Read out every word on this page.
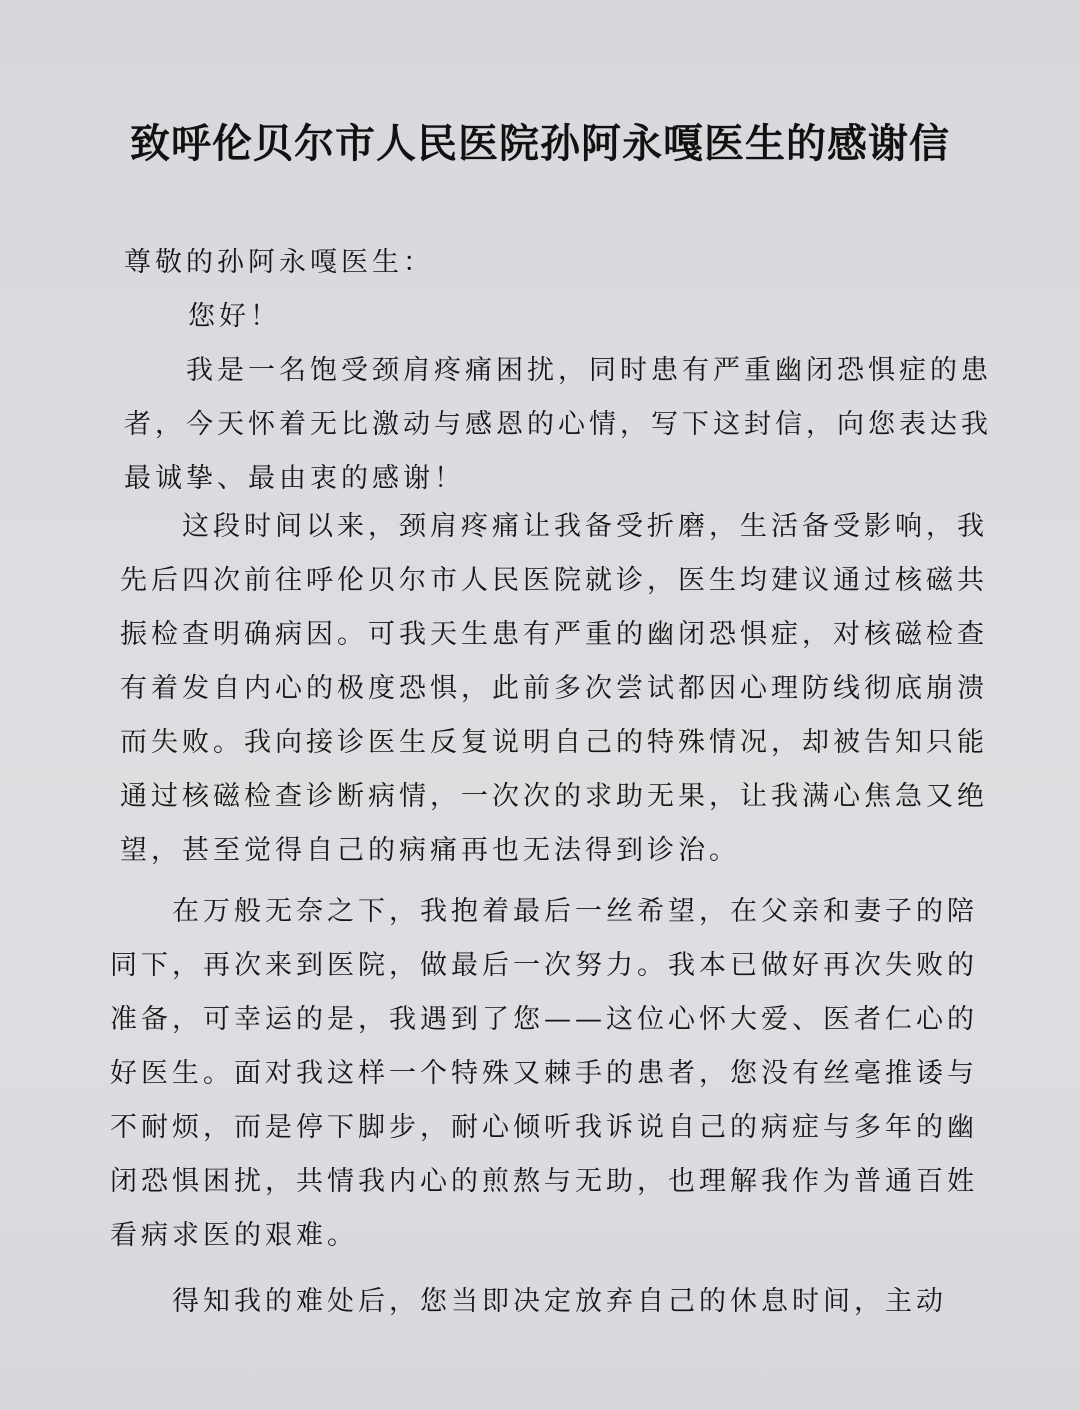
致呼伦贝尔市人民医院孙阿永嘎医生的感谢信
尊敬的孙阿永嘎医生：
您好！
　　我是一名饱受颈肩疼痛困扰，同时患有严重幽闭恐惧症的患
者，今天怀着无比激动与感恩的心情，写下这封信，向您表达我
最诚挚、最由衷的感谢！
　　这段时间以来，颈肩疼痛让我备受折磨，生活备受影响，我
先后四次前往呼伦贝尔市人民医院就诊，医生均建议通过核磁共
振检查明确病因。可我天生患有严重的幽闭恐惧症，对核磁检查
有着发自内心的极度恐惧，此前多次尝试都因心理防线彻底崩溃
而失败。我向接诊医生反复说明自己的特殊情况，却被告知只能
通过核磁检查诊断病情，一次次的求助无果，让我满心焦急又绝
望，甚至觉得自己的病痛再也无法得到诊治。
　　在万般无奈之下，我抱着最后一丝希望，在父亲和妻子的陪
同下，再次来到医院，做最后一次努力。我本已做好再次失败的
准备，可幸运的是，我遇到了您——这位心怀大爱、医者仁心的
好医生。面对我这样一个特殊又棘手的患者，您没有丝毫推诿与
不耐烦，而是停下脚步，耐心倾听我诉说自己的病症与多年的幽
闭恐惧困扰，共情我内心的煎熬与无助，也理解我作为普通百姓
看病求医的艰难。
　　得知我的难处后，您当即决定放弃自己的休息时间，主动
